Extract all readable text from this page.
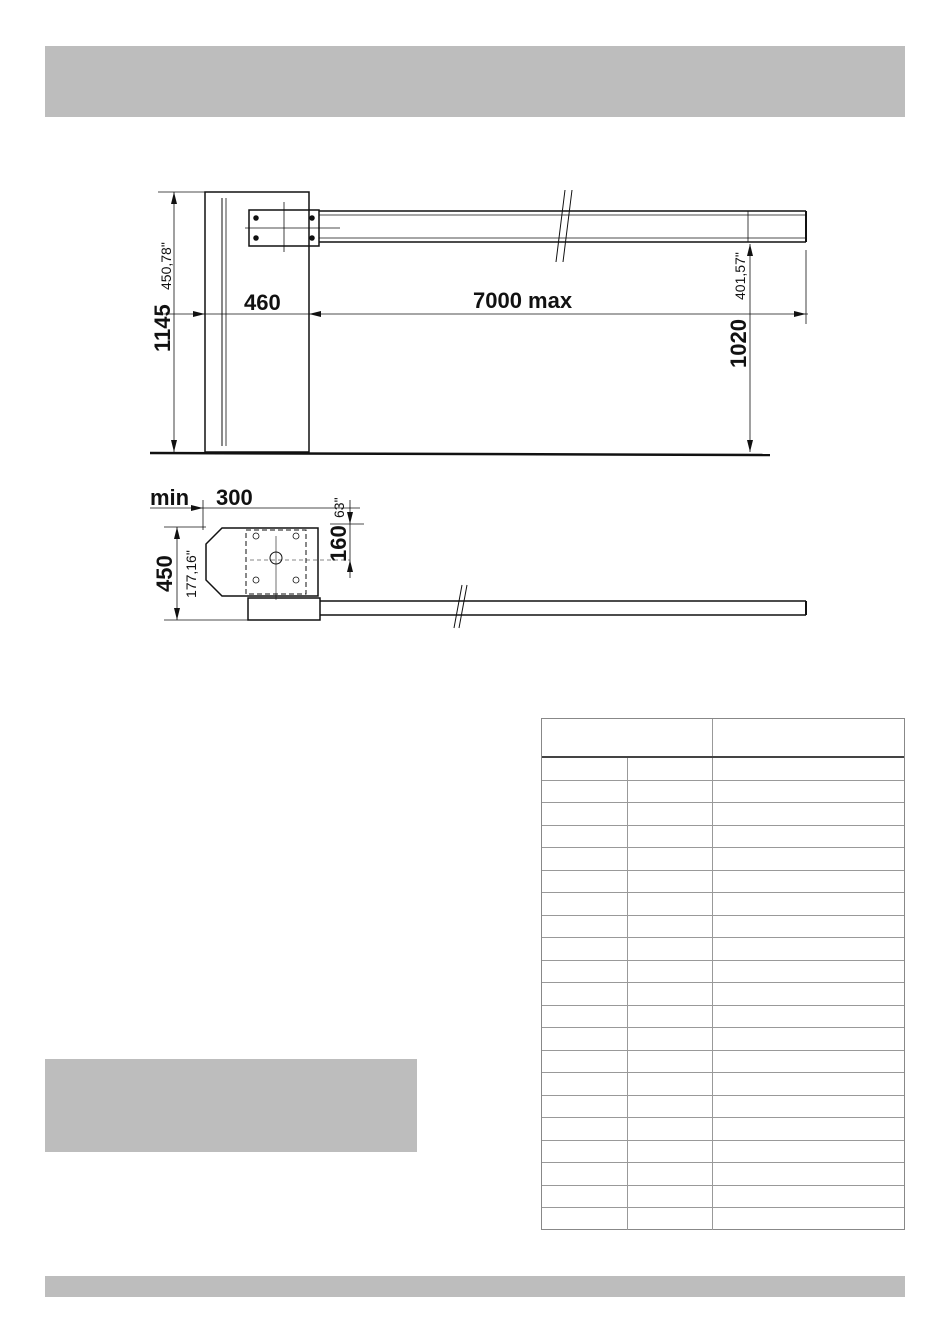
1145
450,78"
460	7000 max
1020
401,57"
min 300
450 177,16"
160
63"
